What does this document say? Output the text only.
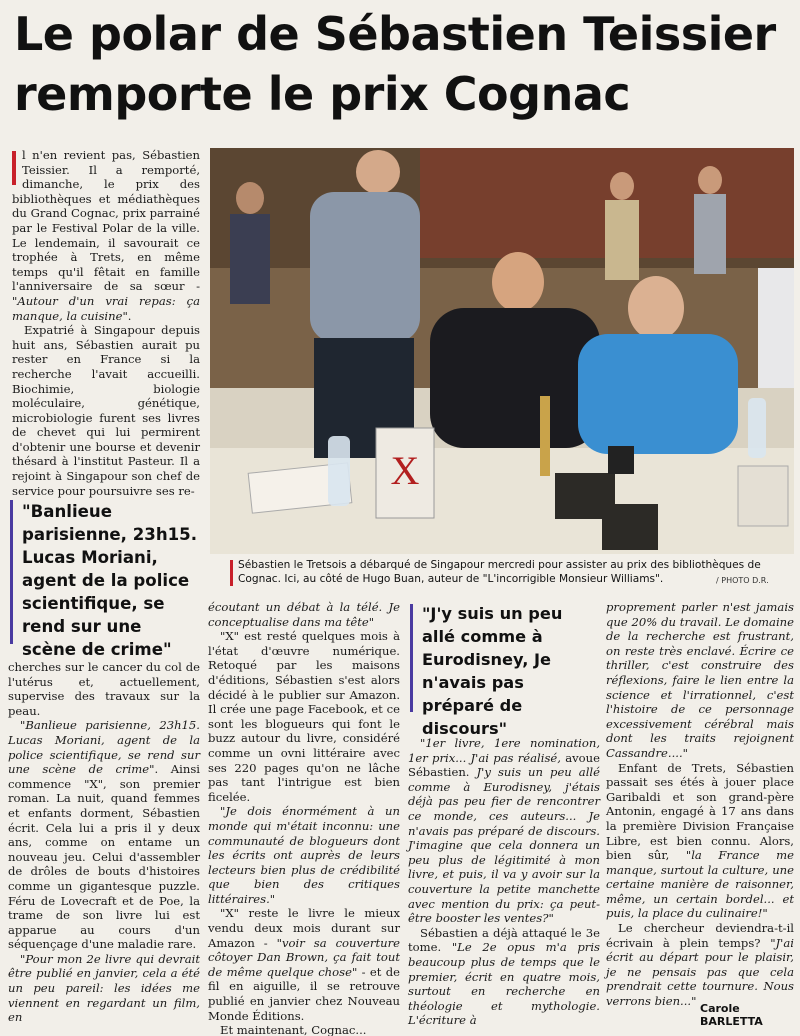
Le polar de Sébastien Teissier
remporte le prix Cognac

l n'en revient pas, Sébastien Teissier. Il a remporté, dimanche, le prix des bibliothèques et médiathèques du Grand Cognac, prix parrainé par le Festival Polar de la ville. Le lendemain, il savourait ce trophée à Trets, en même temps qu'il fêtait en famille l'anniversaire de sa sœur - "Autour d'un vrai repas: ça manque, la cuisine".

Expatrié à Singapour depuis huit ans, Sébastien aurait pu rester en France si la recherche l'avait accueilli. Biochimie, biologie moléculaire, génétique, microbiologie furent ses livres de chevet qui lui permirent d'obtenir une bourse et devenir thésard à l'institut Pasteur. Il a rejoint à Singapour son chef de service pour poursuivre ses re-

"Banlieue parisienne, 23h15. Lucas Moriani, agent de la police scientifique, se rend sur une scène de crime"

cherches sur le cancer du col de l'utérus et, actuellement, supervise des travaux sur la peau.

"Banlieue parisienne, 23h15. Lucas Moriani, agent de la police scientifique, se rend sur une scène de crime". Ainsi commence "X", son premier roman. La nuit, quand femmes et enfants dorment, Sébastien écrit. Cela lui a pris il y deux ans, comme on entame un nouveau jeu. Celui d'assembler de drôles de bouts d'histoires comme un gigantesque puzzle. Féru de Lovecraft et de Poe, la trame de son livre lui est apparue au cours d'un séquençage d'une maladie rare.

"Pour mon 2e livre qui devrait être publié en janvier, cela a été un peu pareil: les idées me viennent en regardant un film, en

X
Sébastien le Tretsois a débarqué de Singapour mercredi pour assister au prix des bibliothèques de Cognac. Ici, au côté de Hugo Buan, auteur de "L'incorrigible Monsieur Williams".	/ PHOTO D.R.

écoutant un débat à la télé. Je conceptualise dans ma tête"

"X" est resté quelques mois à l'état d'œuvre numérique. Retoqué par les maisons d'éditions, Sébastien s'est alors décidé à le publier sur Amazon. Il crée une page Facebook, et ce sont les blogueurs qui font le buzz autour du livre, considéré comme un ovni littéraire avec ses 220 pages qu'on ne lâche pas tant l'intrigue est bien ficelée.

"Je dois énormément à un monde qui m'était inconnu: une communauté de blogueurs dont les écrits ont auprès de leurs lecteurs bien plus de crédibilité que bien des critiques littéraires."

"X" reste le livre le mieux vendu deux mois durant sur Amazon - "voir sa couverture côtoyer Dan Brown, ça fait tout de même quelque chose" - et de fil en aiguille, il se retrouve publié en janvier chez Nouveau Monde Éditions.

Et maintenant, Cognac...

"J'y suis un peu allé comme à Eurodisney, Je n'avais pas préparé de discours"

"1er livre, 1ere nomination, 1er prix... J'ai pas réalisé, avoue Sébastien. J'y suis un peu allé comme à Eurodisney, j'étais déjà pas peu fier de rencontrer ce monde, ces auteurs... Je n'avais pas préparé de discours. J'imagine que cela donnera un peu plus de légitimité à mon livre, et puis, il va y avoir sur la couverture la petite manchette avec mention du prix: ça peut-être booster les ventes?"

Sébastien a déjà attaqué le 3e tome. "Le 2e opus m'a pris beaucoup plus de temps que le premier, écrit en quatre mois, surtout en recherche en théologie et mythologie. L'écriture à

proprement parler n'est jamais que 20% du travail. Le domaine de la recherche est frustrant, on reste très enclavé. Écrire ce thriller, c'est construire des réflexions, faire le lien entre la science et l'irrationnel, c'est l'histoire de ce personnage excessivement cérébral mais dont les traits rejoignent Cassandre...."

Enfant de Trets, Sébastien passait ses étés à jouer place Garibaldi et son grand-père Antonin, engagé à 17 ans dans la première Division Française Libre, est bien connu. Alors, bien sûr, "la France me manque, surtout la culture, une certaine manière de raisonner, même, un certain bordel... et puis, la place du culinaire!"

Le chercheur deviendra-t-il écrivain à plein temps? "J'ai écrit au départ pour le plaisir, je ne pensais pas que cela prendrait cette tournure. Nous verrons bien..."

Carole BARLETTA
